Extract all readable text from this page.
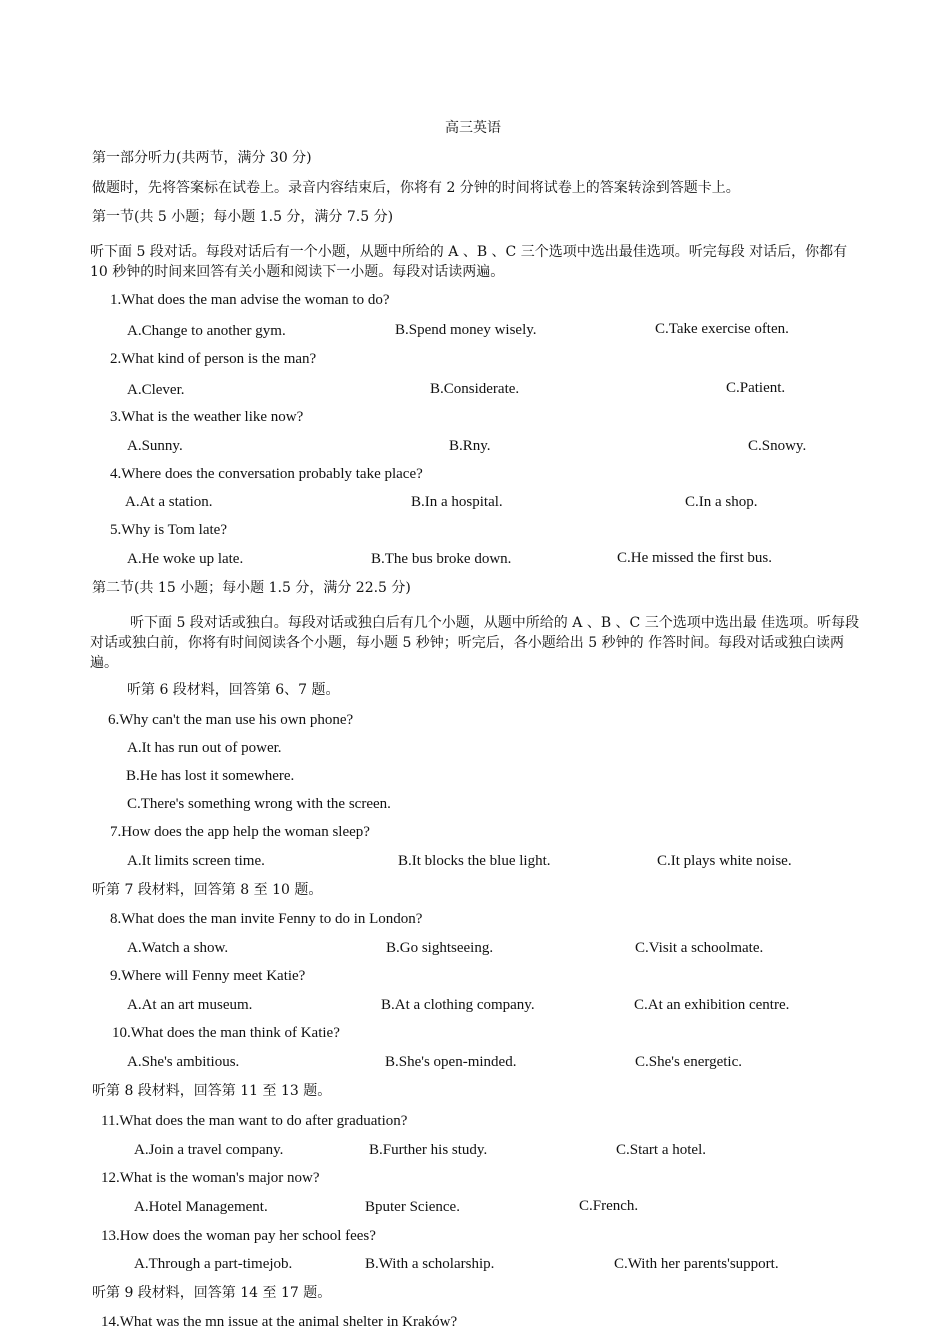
高三英语
第一部分听力(共两节，满分 30 分)
做题时，先将答案标在试卷上。录音内容结束后，你将有 2 分钟的时间将试卷上的答案转涂到答题卡上。
第一节(共 5 小题；每小题 1.5 分，满分 7.5 分)
听下面 5 段对话。每段对话后有一个小题，从题中所给的 A 、B 、C 三个选项中选出最佳选项。听完每段 对话后，你都有 10 秒钟的时间来回答有关小题和阅读下一小题。每段对话读两遍。
1.What does the man advise the woman to do?
A.Change to another gym.	B.Spend money wisely.	C.Take exercise often.
2.What kind of person is the man?
A.Clever.	B.Considerate.	C.Patient.
3.What is the weather like now?
A.Sunny.	B.Rny.	C.Snowy.
4.Where does the conversation probably take place?
A.At a station.	B.In a hospital.	C.In a shop.
5.Why is Tom late?
A.He woke up late.	B.The bus broke down.	C.He missed the first bus.
第二节(共 15 小题；每小题 1.5 分，满分 22.5 分)
听下面 5 段对话或独白。每段对话或独白后有几个小题，从题中所给的 A 、B 、C 三个选项中选出最 佳选项。听每段对话或独白前，你将有时间阅读各个小题，每小题 5 秒钟；听完后，各小题给出 5 秒钟的 作答时间。每段对话或独白读两遍。
听第 6 段材料，回答第 6、7 题。
6.Why can't the man use his own phone?
A.It has run out of power.
B.He has lost it somewhere.
C.There's something wrong with the screen.
7.How does the app help the woman sleep?
A.It limits screen time.	B.It blocks the blue light.	C.It plays white noise.
听第 7 段材料，回答第 8 至 10 题。
8.What does the man invite Fenny to do in London?
A.Watch a show.	B.Go sightseeing.	C.Visit a schoolmate.
9.Where will Fenny meet Katie?
A.At an art museum.	B.At a clothing company.	C.At an exhibition centre.
10.What does the man think of Katie?
A.She's ambitious.	B.She's open-minded.	C.She's energetic.
听第 8 段材料，回答第 11 至 13 题。
11.What does the man want to do after graduation?
A.Join a travel company.	B.Further his study.	C.Start a hotel.
12.What is the woman's major now?
A.Hotel Management.	Bputer Science.	C.French.
13.How does the woman pay her school fees?
A.Through a part-timejob.	B.With a scholarship.	C.With her parents'support.
听第 9 段材料，回答第 14 至 17 题。
14.What was the mn issue at the animal shelter in Kraków?
